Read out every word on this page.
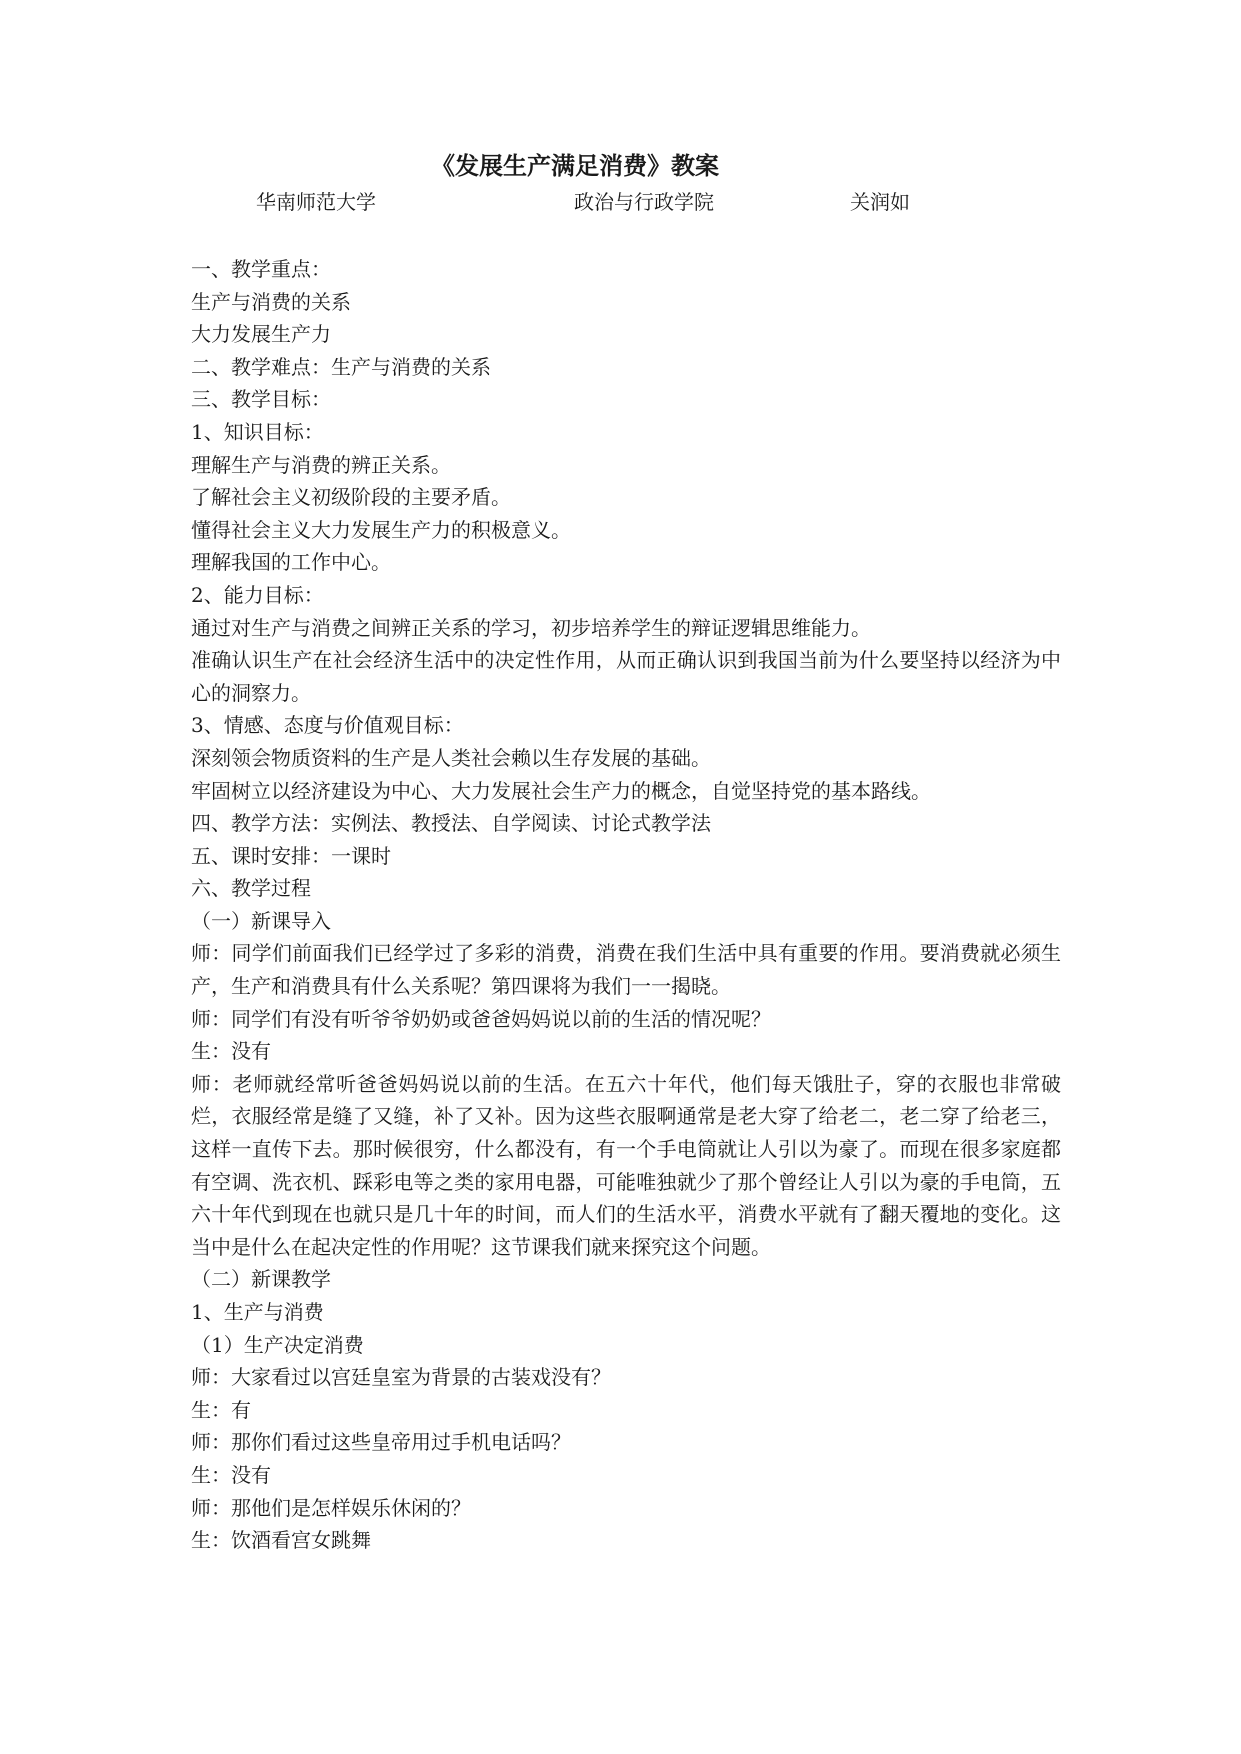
《发展生产满足消费》教案
华南师范大学	政治与行政学院	关润如

一、教学重点：

生产与消费的关系

大力发展生产力

二、教学难点：生产与消费的关系

三、教学目标：

1、知识目标：

理解生产与消费的辨正关系。

了解社会主义初级阶段的主要矛盾。

懂得社会主义大力发展生产力的积极意义。

理解我国的工作中心。

2、能力目标：

通过对生产与消费之间辨正关系的学习，初步培养学生的辩证逻辑思维能力。

准确认识生产在社会经济生活中的决定性作用，从而正确认识到我国当前为什么要坚持以经济为中心的洞察力。

3、情感、态度与价值观目标：

深刻领会物质资料的生产是人类社会赖以生存发展的基础。

牢固树立以经济建设为中心、大力发展社会生产力的概念，自觉坚持党的基本路线。

四、教学方法：实例法、教授法、自学阅读、讨论式教学法

五、课时安排：一课时

六、教学过程

（一）新课导入

师：同学们前面我们已经学过了多彩的消费，消费在我们生活中具有重要的作用。要消费就必须生产，生产和消费具有什么关系呢？第四课将为我们一一揭晓。

师：同学们有没有听爷爷奶奶或爸爸妈妈说以前的生活的情况呢？

生：没有

师：老师就经常听爸爸妈妈说以前的生活。在五六十年代，他们每天饿肚子，穿的衣服也非常破烂，衣服经常是缝了又缝，补了又补。因为这些衣服啊通常是老大穿了给老二，老二穿了给老三，这样一直传下去。那时候很穷，什么都没有，有一个手电筒就让人引以为豪了。而现在很多家庭都有空调、洗衣机、踩彩电等之类的家用电器，可能唯独就少了那个曾经让人引以为豪的手电筒，五六十年代到现在也就只是几十年的时间，而人们的生活水平，消费水平就有了翻天覆地的变化。这当中是什么在起决定性的作用呢？这节课我们就来探究这个问题。

（二）新课教学

1、生产与消费

（1）生产决定消费

师：大家看过以宫廷皇室为背景的古装戏没有？

生：有

师：那你们看过这些皇帝用过手机电话吗？

生：没有

师：那他们是怎样娱乐休闲的？

生：饮酒看宫女跳舞
